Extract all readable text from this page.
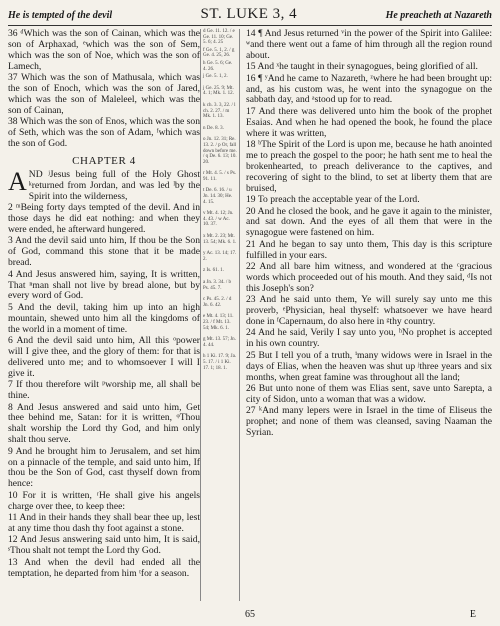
He is tempted of the devil	ST. LUKE 3, 4	He preacheth at Nazareth

36 ᵈWhich was the son of Cainan, which was the son of Arphaxad, ᵉwhich was the son of Sem, which was the son of Noe, which was the son of Lamech,

37 Which was the son of Mathusala, which was the son of Enoch, which was the son of Jared, which was the son of Maleleel, which was the son of Cainan,

38 Which was the son of Enos, which was the son of Seth, which was the son of Adam, ᶠwhich was the son of God.

CHAPTER 4
A ND ʲJesus being full of the Holy Ghost ᵏreturned from Jordan, and was led ˡby the Spirit into the wilderness,

2 ᵐBeing forty days tempted of the devil. And in those days he did eat nothing: and when they were ended, he afterward hungered.

3 And the devil said unto him, If thou be the Son of God, command this stone that it be made bread.

4 And Jesus answered him, saying, It is written, That ⁿman shall not live by bread alone, but by every word of God.

5 And the devil, taking him up into an high mountain, shewed unto him all the kingdoms of the world in a moment of time.

6 And the devil said unto him, All this ᵒpower will I give thee, and the glory of them: for that is delivered unto me; and to whomsoever I will I give it.

7 If thou therefore wilt ᵖworship me, all shall be thine.

8 And Jesus answered and said unto him, Get thee behind me, Satan: for it is written, ᵠThou shalt worship the Lord thy God, and him only shalt thou serve.

9 And he brought him to Jerusalem, and set him on a pinnacle of the temple, and said unto him, If thou be the Son of God, cast thyself down from hence:

10 For it is written, ʳHe shall give his angels charge over thee, to keep thee:

11 And in their hands they shall bear thee up, lest at any time thou dash thy foot against a stone.

12 And Jesus answering said unto him, It is said, ˢThou shalt not tempt the Lord thy God.

13 And when the devil had ended all the temptation, he departed from him ᵗfor a season.

d Ge. 11. 12. / e Ge. 11. 10; Ge. 5. 6; 4. 25

f Ge. 5. 1, 2. / g Ge. 4. 25, 26.

h Ge. 5. 6; Ge. 4. 26.

j Ge. 5. 1, 2.

j Ge. 25. 9; Mt. 4. 1; Mk. 1. 12.

k ch. 3. 3, 22. / l ch. 2. 27. / m Mk. 1. 13.

n De. 8. 3.

o Jn. 12. 31; Re. 13. 2. / p Or, fall down before me. / q De. 6. 13; 10. 20.

r Mt. 4. 5. / s Ps. 91. 11.

t De. 6. 16. / u Jn. 14. 30; He. 4. 15.

v Mt. 4. 12; Jn. 4. 43. / w Ac. 10. 37.

x Mt. 2. 23; Mt. 13. 54; Mk. 6. 1.

y Ac. 13. 14; 17. 2.

z Is. 61. 1.

a Jn. 3. 34. / b Ps. 45. 7.

c Ps. 45. 2. / d Jn. 6. 42.

e Mt. 4. 13; 11. 23. / f Mt. 13. 54; Mk. 6. 1.

g Mt. 13. 57; Jn. 4. 44.

h 1 Ki. 17. 9; Ja. 5. 17. / i 1 Ki. 17. 1; 18. 1.

14 ¶ And Jesus returned ᵛin the power of the Spirit into Galilee: ʷand there went out a fame of him through all the region round about.

15 And ˣhe taught in their synagogues, being glorified of all.

16 ¶ ʸAnd he came to Nazareth, ᶻwhere he had been brought up: and, as his custom was, he went into the synagogue on the sabbath day, and ᵃstood up for to read.

17 And there was delivered unto him the book of the prophet Esaias. And when he had opened the book, he found the place where it was written,

18 ᵇThe Spirit of the Lord is upon me, because he hath anointed me to preach the gospel to the poor; he hath sent me to heal the brokenhearted, to preach deliverance to the captives, and recovering of sight to the blind, to set at liberty them that are bruised,

19 To preach the acceptable year of the Lord.

20 And he closed the book, and he gave it again to the minister, and sat down. And the eyes of all them that were in the synagogue were fastened on him.

21 And he began to say unto them, This day is this scripture fulfilled in your ears.

22 And all bare him witness, and wondered at the ᶜgracious words which proceeded out of his mouth. And they said, ᵈIs not this Joseph's son?

23 And he said unto them, Ye will surely say unto me this proverb, ᵉPhysician, heal thyself: whatsoever we have heard done in ᶠCapernaum, do also here in ᵍthy country.

24 And he said, Verily I say unto you, ʰNo prophet is accepted in his own country.

25 But I tell you of a truth, ⁱmany widows were in Israel in the days of Elias, when the heaven was shut up ʲthree years and six months, when great famine was throughout all the land;

26 But unto none of them was Elias sent, save unto Sarepta, a city of Sidon, unto a woman that was a widow.

27 ᵏAnd many lepers were in Israel in the time of Eliseus the prophet; and none of them was cleansed, saving Naaman the Syrian.

65	E
